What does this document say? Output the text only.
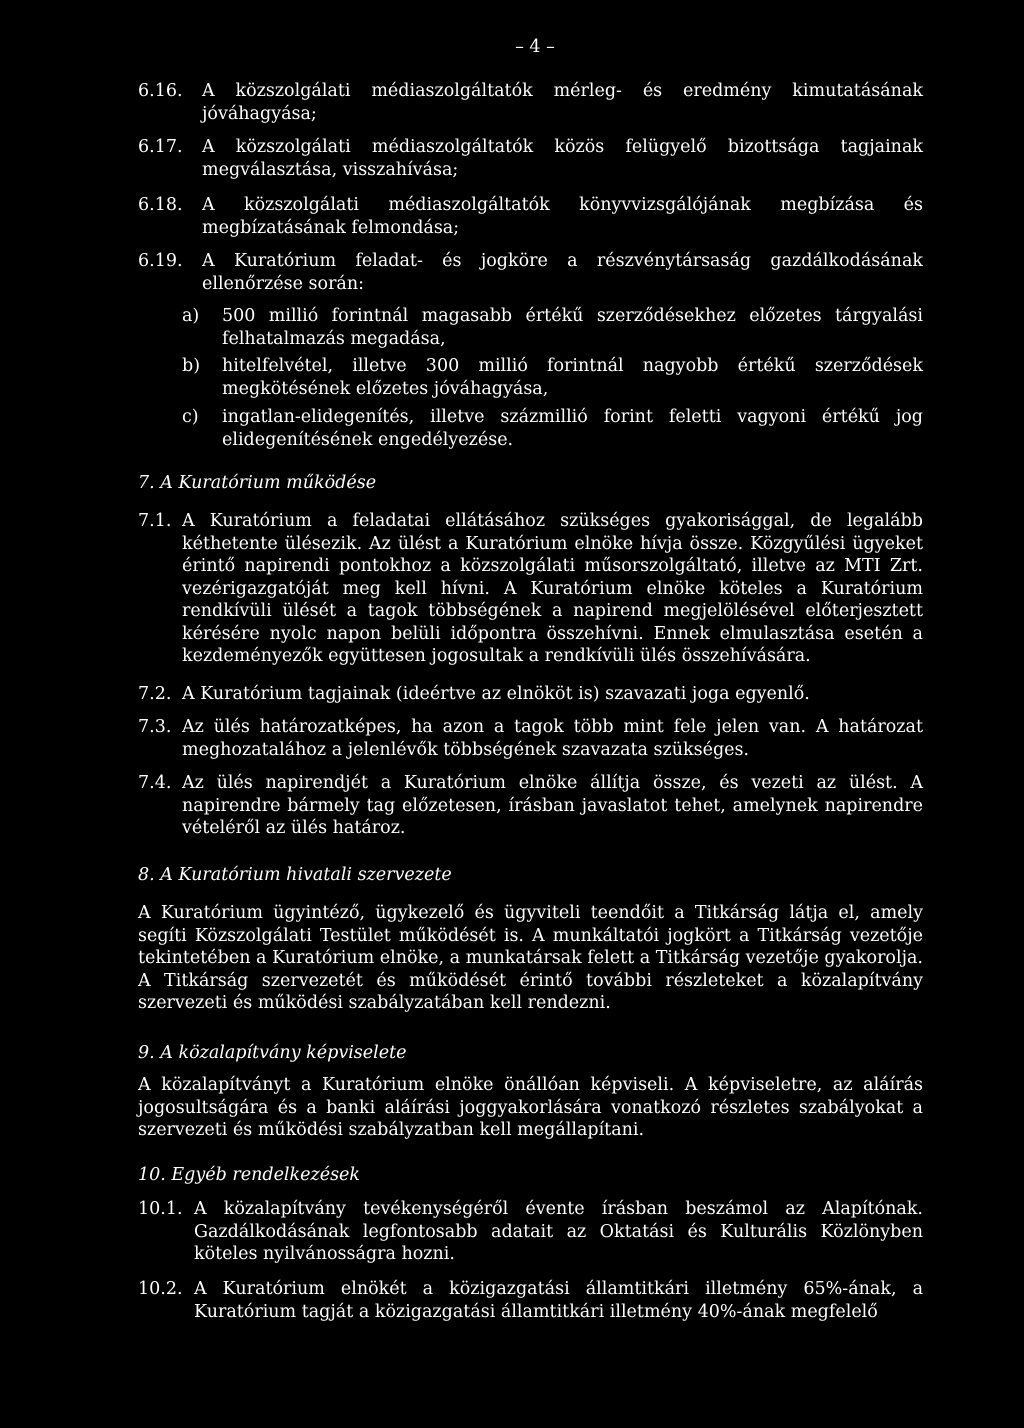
– 4 –
6.16.	A közszolgálati médiaszolgáltatók mérleg- és eredmény kimutatásának jóváhagyása;
6.17.	A közszolgálati médiaszolgáltatók közös felügyelő bizottsága tagjainak megválasztása, visszahívása;
6.18.	A közszolgálati médiaszolgáltatók könyvvizsgálójának megbízása és megbízatásának felmondása;
6.19.	A Kuratórium feladat- és jogköre a részvénytársaság gazdálkodásának ellenőrzése során:
a)	500 millió forintnál magasabb értékű szerződésekhez előzetes tárgyalási felhatalmazás megadása,
b)	hitelfelvétel, illetve 300 millió forintnál nagyobb értékű szerződések megkötésének előzetes jóváhagyása,
c)	ingatlan-elidegenítés, illetve százmillió forint feletti vagyoni értékű jog elidegenítésének engedélyezése.
7. A Kuratórium működése
7.1. A Kuratórium a feladatai ellátásához szükséges gyakorisággal, de legalább kéthetente ülésezik. Az ülést a Kuratórium elnöke hívja össze. Közgyűlési ügyeket érintő napirendi pontokhoz a közszolgálati műsorszolgáltató, illetve az MTI Zrt. vezérigazgatóját meg kell hívni. A Kuratórium elnöke köteles a Kuratórium rendkívüli ülését a tagok többségének a napirend megjelölésével előterjesztett kérésére nyolc napon belüli időpontra összehívni. Ennek elmulasztása esetén a kezdeményezők együttesen jogosultak a rendkívüli ülés összehívására.
7.2. A Kuratórium tagjainak (ideértve az elnököt is) szavazati joga egyenlő.
7.3. Az ülés határozatképes, ha azon a tagok több mint fele jelen van. A határozat meghozatalához a jelenlévők többségének szavazata szükséges.
7.4. Az ülés napirendjét a Kuratórium elnöke állítja össze, és vezeti az ülést. A napirendre bármely tag előzetesen, írásban javaslatot tehet, amelynek napirendre vételéről az ülés határoz.
8. A Kuratórium hivatali szervezete
A Kuratórium ügyintéző, ügykezelő és ügyviteli teendőit a Titkárság látja el, amely segíti Közszolgálati Testület működését is. A munkáltatói jogkört a Titkárság vezetője tekintetében a Kuratórium elnöke, a munkatársak felett a Titkárság vezetője gyakorolja. A Titkárság szervezetét és működését érintő további részleteket a közalapítvány szervezeti és működési szabályzatában kell rendezni.
9. A közalapítvány képviselete
A közalapítványt a Kuratórium elnöke önállóan képviseli. A képviseletre, az aláírás jogosultságára és a banki aláírási joggyakorlására vonatkozó részletes szabályokat a szervezeti és működési szabályzatban kell megállapítani.
10. Egyéb rendelkezések
10.1. A közalapítvány tevékenységéről évente írásban beszámol az Alapítónak. Gazdálkodásának legfontosabb adatait az Oktatási és Kulturális Közlönyben köteles nyilvánosságra hozni.
10.2. A Kuratórium elnökét a közigazgatási államtitkári illetmény 65%-ának, a Kuratórium tagját a közigazgatási államtitkári illetmény 40%-ának megfelelő
